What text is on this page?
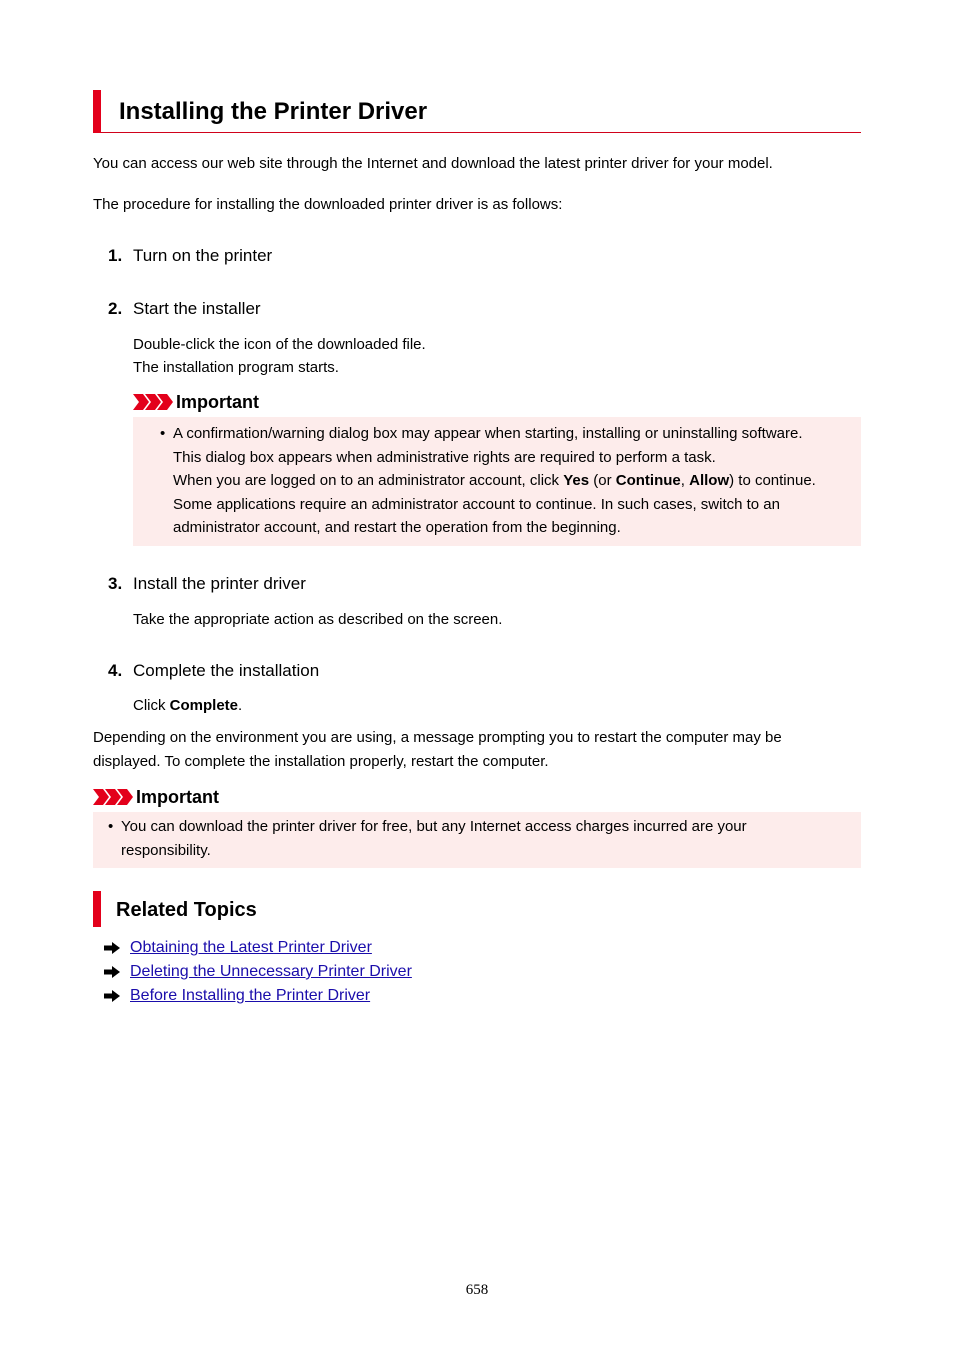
Installing the Printer Driver
You can access our web site through the Internet and download the latest printer driver for your model.
The procedure for installing the downloaded printer driver is as follows:
1. Turn on the printer
2. Start the installer
Double-click the icon of the downloaded file.
The installation program starts.
Important
• A confirmation/warning dialog box may appear when starting, installing or uninstalling software.
This dialog box appears when administrative rights are required to perform a task.
When you are logged on to an administrator account, click Yes (or Continue, Allow) to continue.
Some applications require an administrator account to continue. In such cases, switch to an
administrator account, and restart the operation from the beginning.
3. Install the printer driver
Take the appropriate action as described on the screen.
4. Complete the installation
Click Complete.
Depending on the environment you are using, a message prompting you to restart the computer may be
displayed. To complete the installation properly, restart the computer.
Important
• You can download the printer driver for free, but any Internet access charges incurred are your
responsibility.
Related Topics
Obtaining the Latest Printer Driver
Deleting the Unnecessary Printer Driver
Before Installing the Printer Driver
658
